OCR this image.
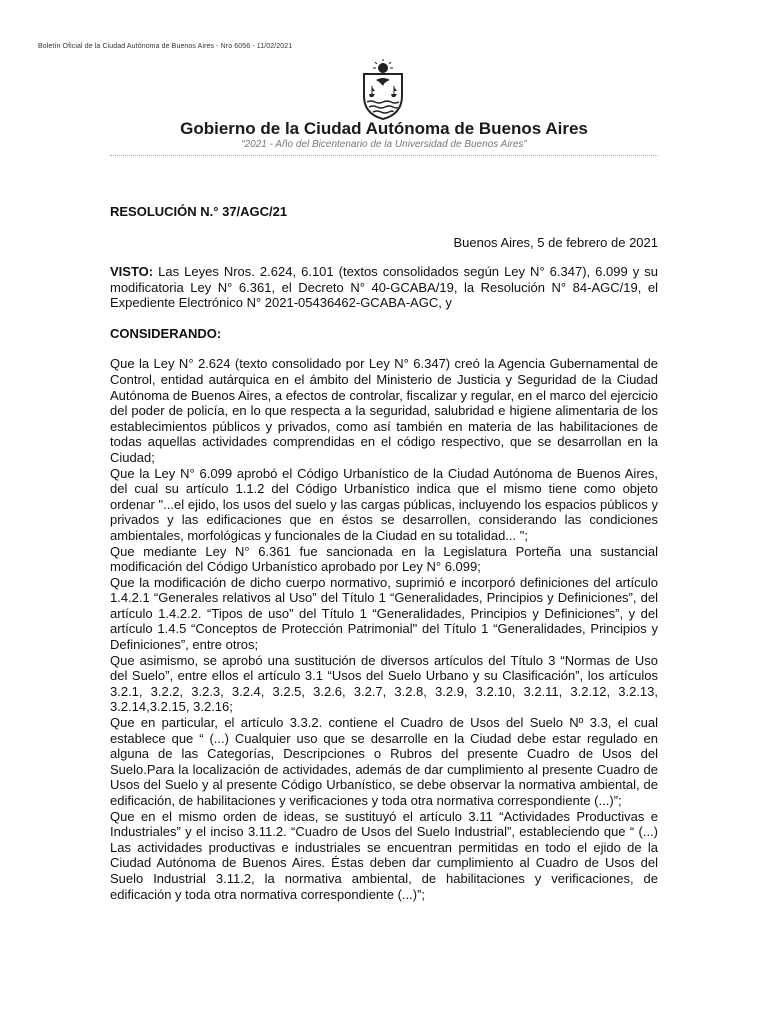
Boletín Oficial de la Ciudad Autónoma de Buenos Aires - Nro 6056 - 11/02/2021
Gobierno de la Ciudad Autónoma de Buenos Aires
“2021 - Año del Bicentenario de la Universidad de Buenos Aires”
RESOLUCIÓN N.° 37/AGC/21
Buenos Aires, 5 de febrero de 2021

VISTO: Las Leyes Nros. 2.624, 6.101 (textos consolidados según Ley N° 6.347), 6.099 y su modificatoria Ley N° 6.361, el Decreto N° 40-GCABA/19, la Resolución N° 84-AGC/19, el Expediente Electrónico N° 2021-05436462-GCABA-AGC, y

CONSIDERANDO:

Que la Ley N° 2.624 (texto consolidado por Ley N° 6.347) creó la Agencia Gubernamental de Control, entidad autárquica en el ámbito del Ministerio de Justicia y Seguridad de la Ciudad Autónoma de Buenos Aires, a efectos de controlar, fiscalizar y regular, en el marco del ejercicio del poder de policía, en lo que respecta a la seguridad, salubridad e higiene alimentaria de los establecimientos públicos y privados, como así también en materia de las habilitaciones de todas aquellas actividades comprendidas en el código respectivo, que se desarrollan en la Ciudad;

Que la Ley N° 6.099 aprobó el Código Urbanístico de la Ciudad Autónoma de Buenos Aires, del cual su artículo 1.1.2 del Código Urbanístico indica que el mismo tiene como objeto ordenar "...el ejido, los usos del suelo y las cargas públicas, incluyendo los espacios públicos y privados y las edificaciones que en éstos se desarrollen, considerando las condiciones ambientales, morfológicas y funcionales de la Ciudad en su totalidad... ";

Que mediante Ley N° 6.361 fue sancionada en la Legislatura Porteña una sustancial modificación del Código Urbanístico aprobado por Ley N° 6.099;

Que la modificación de dicho cuerpo normativo, suprimió e incorporó definiciones del artículo 1.4.2.1 “Generales relativos al Uso” del Título 1 “Generalidades, Principios y Definiciones”, del artículo 1.4.2.2. “Tipos de uso” del Título 1 “Generalidades, Principios y Definiciones”, y del artículo 1.4.5 “Conceptos de Protección Patrimonial" del Título 1 “Generalidades, Principios y Definiciones”, entre otros;

Que asimismo, se aprobó una sustitución de diversos artículos del Título 3 “Normas de Uso del Suelo”, entre ellos el artículo 3.1 “Usos del Suelo Urbano y su Clasificación”, los artículos 3.2.1, 3.2.2, 3.2.3, 3.2.4, 3.2.5, 3.2.6, 3.2.7, 3.2.8, 3.2.9, 3.2.10, 3.2.11, 3.2.12, 3.2.13, 3.2.14,3.2.15, 3.2.16;

Que en particular, el artículo 3.3.2. contiene el Cuadro de Usos del Suelo Nº 3.3, el cual establece que “ (...) Cualquier uso que se desarrolle en la Ciudad debe estar regulado en alguna de las Categorías, Descripciones o Rubros del presente Cuadro de Usos del Suelo.Para la localización de actividades, además de dar cumplimiento al presente Cuadro de Usos del Suelo y al presente Código Urbanístico, se debe observar la normativa ambiental, de edificación, de habilitaciones y verificaciones y toda otra normativa correspondiente (...)”;

Que en el mismo orden de ideas, se sustituyó el artículo 3.11 “Actividades Productivas e Industriales” y el inciso 3.11.2. “Cuadro de Usos del Suelo Industrial”, estableciendo que “ (...) Las actividades productivas e industriales se encuentran permitidas en todo el ejido de la Ciudad Autónoma de Buenos Aires. Éstas deben dar cumplimiento al Cuadro de Usos del Suelo Industrial 3.11.2, la normativa ambiental, de habilitaciones y verificaciones, de edificación y toda otra normativa correspondiente (...)”;
